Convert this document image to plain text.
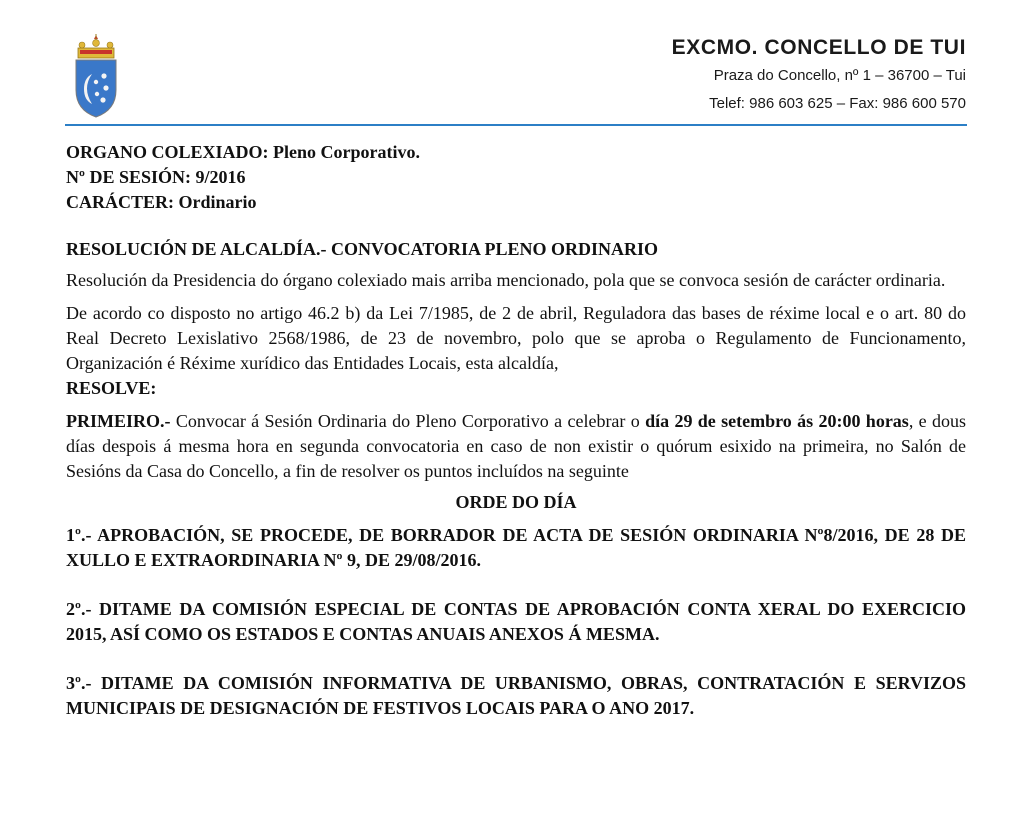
EXCMO. CONCELLO DE TUI
Praza do Concello, nº 1 – 36700 – Tui
Telef: 986 603 625 – Fax: 986 600 570

ORGANO COLEXIADO: Pleno Corporativo.

Nº DE SESIÓN: 9/2016

CARÁCTER: Ordinario

RESOLUCIÓN DE ALCALDÍA.- CONVOCATORIA PLENO ORDINARIO

Resolución da Presidencia do órgano colexiado mais arriba mencionado, pola que se convoca sesión de carácter ordinaria.

De acordo co disposto no artigo 46.2 b) da Lei 7/1985, de 2 de abril, Reguladora das bases de réxime local e o art. 80 do Real Decreto Lexislativo 2568/1986, de 23 de novembro, polo que se aproba o Regulamento de Funcionamento, Organización é Réxime xurídico das Entidades Locais, esta alcaldía,
RESOLVE:

PRIMEIRO.- Convocar á Sesión Ordinaria do Pleno Corporativo a celebrar o día 29 de setembro ás 20:00 horas, e dous días despois á mesma hora en segunda convocatoria en caso de non existir o quórum esixido na primeira, no Salón de Sesións da Casa do Concello, a fin de resolver os puntos incluídos na seguinte

ORDE DO DÍA

1º.- APROBACIÓN, SE PROCEDE, DE BORRADOR DE ACTA DE SESIÓN ORDINARIA Nº8/2016, DE 28 DE XULLO E EXTRAORDINARIA Nº 9, DE 29/08/2016.

2º.- DITAME DA COMISIÓN ESPECIAL DE CONTAS DE APROBACIÓN CONTA XERAL DO EXERCICIO 2015, ASÍ COMO OS ESTADOS E CONTAS ANUAIS ANEXOS Á MESMA.

3º.- DITAME DA COMISIÓN INFORMATIVA DE URBANISMO, OBRAS, CONTRATACIÓN E SERVIZOS MUNICIPAIS DE DESIGNACIÓN DE FESTIVOS LOCAIS PARA O ANO 2017.
